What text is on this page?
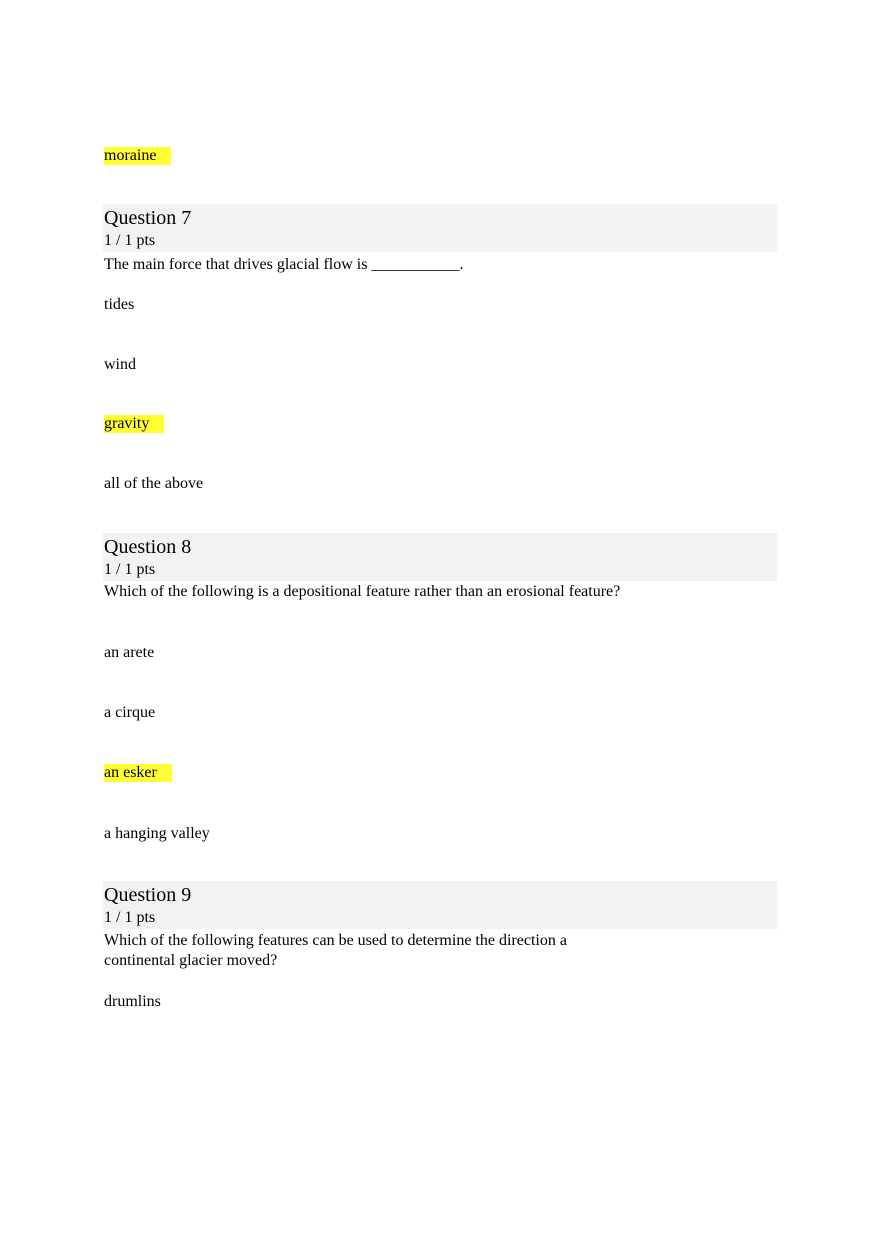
moraine
Question 7
1 / 1 pts
The main force that drives glacial flow is ___________.
tides
wind
gravity
all of the above
Question 8
1 / 1 pts
Which of the following is a depositional feature rather than an erosional feature?
an arete
a cirque
an esker
a hanging valley
Question 9
1 / 1 pts
Which of the following features can be used to determine the direction a continental glacier moved?
drumlins
